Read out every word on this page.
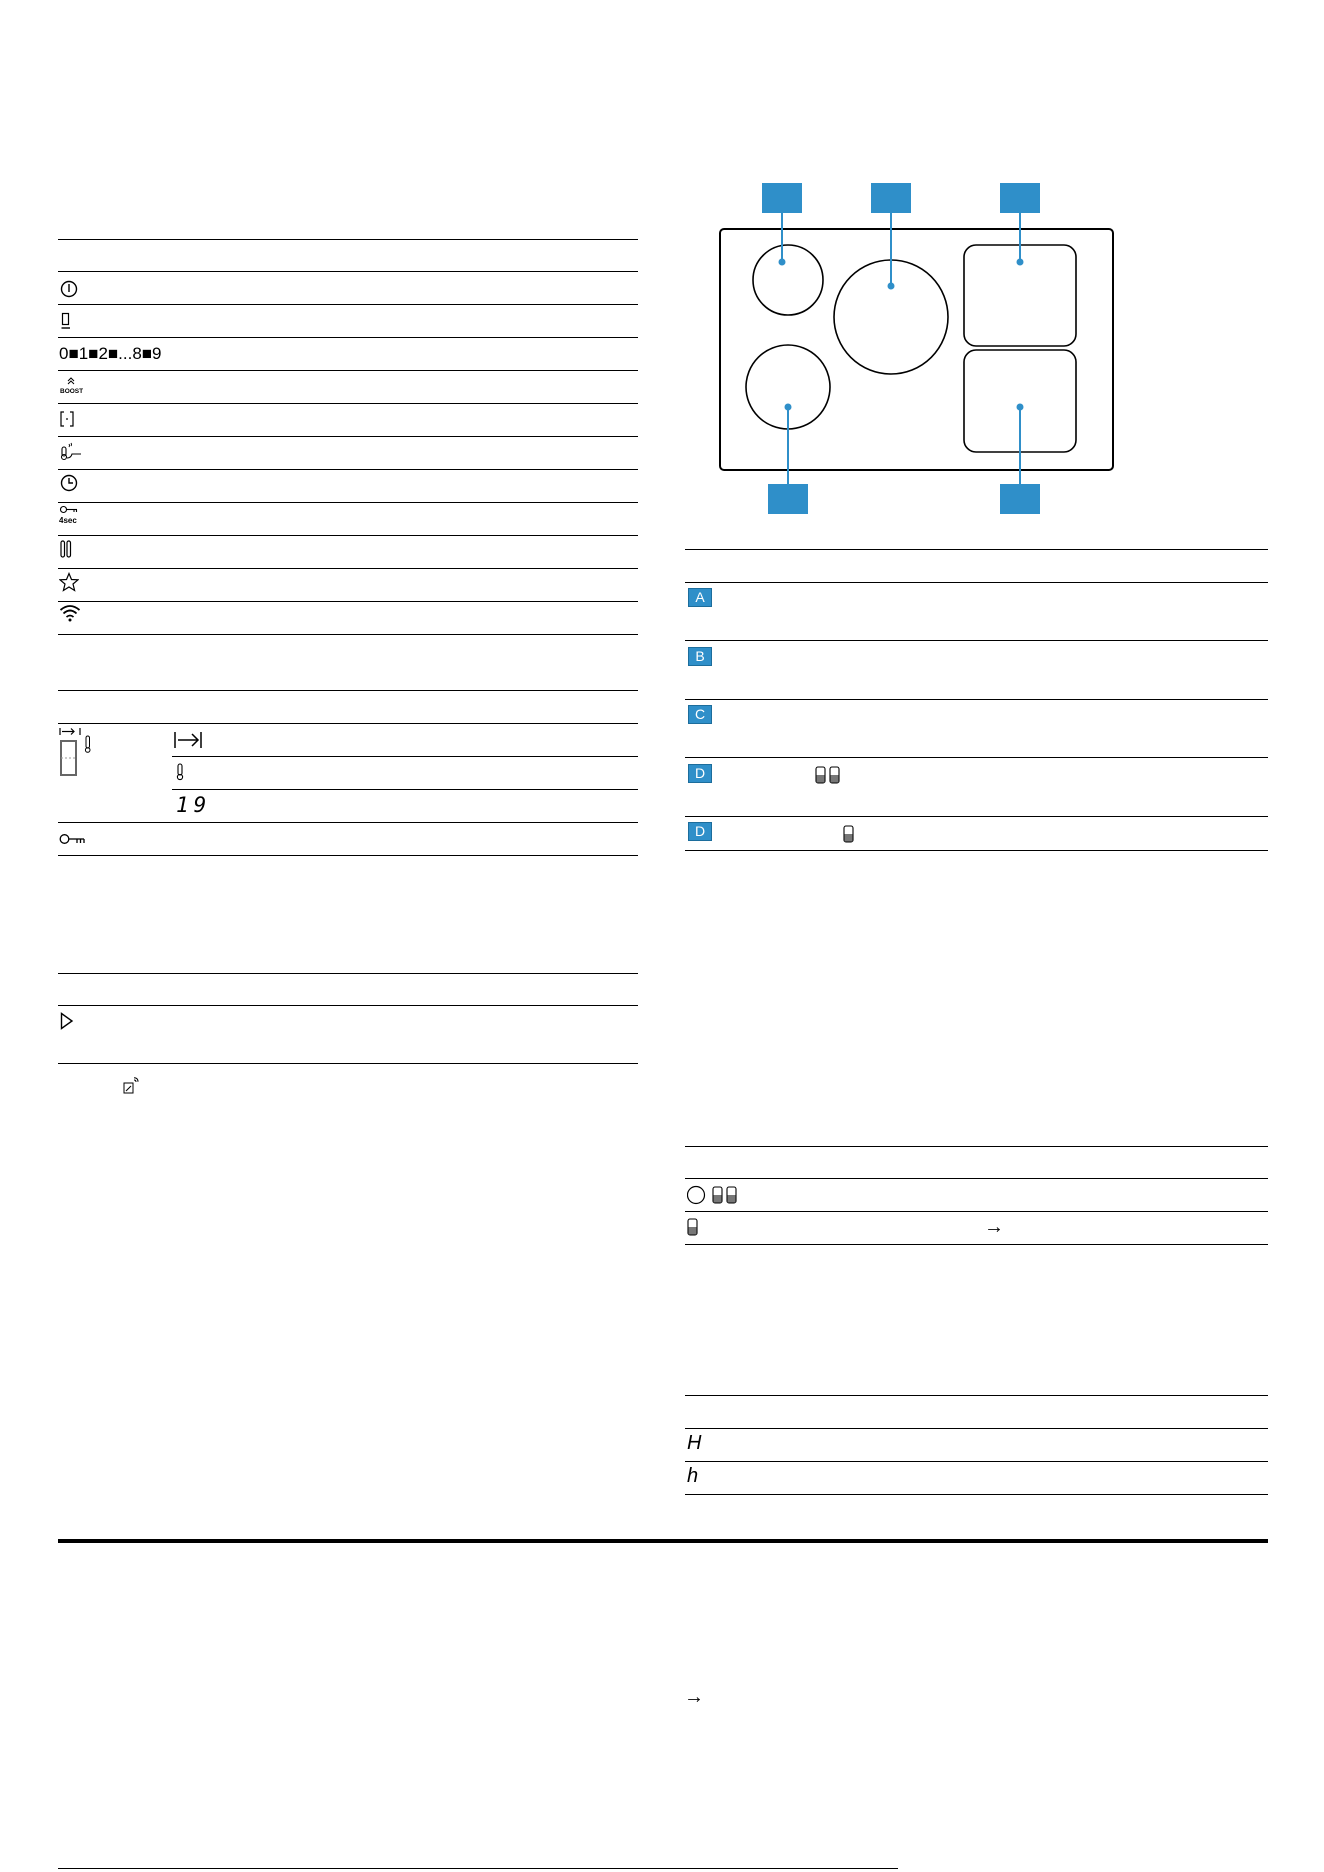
0■1■2■...8■9
BOOST
4sec
19
A
B
C
D
D
→
H
h
→
